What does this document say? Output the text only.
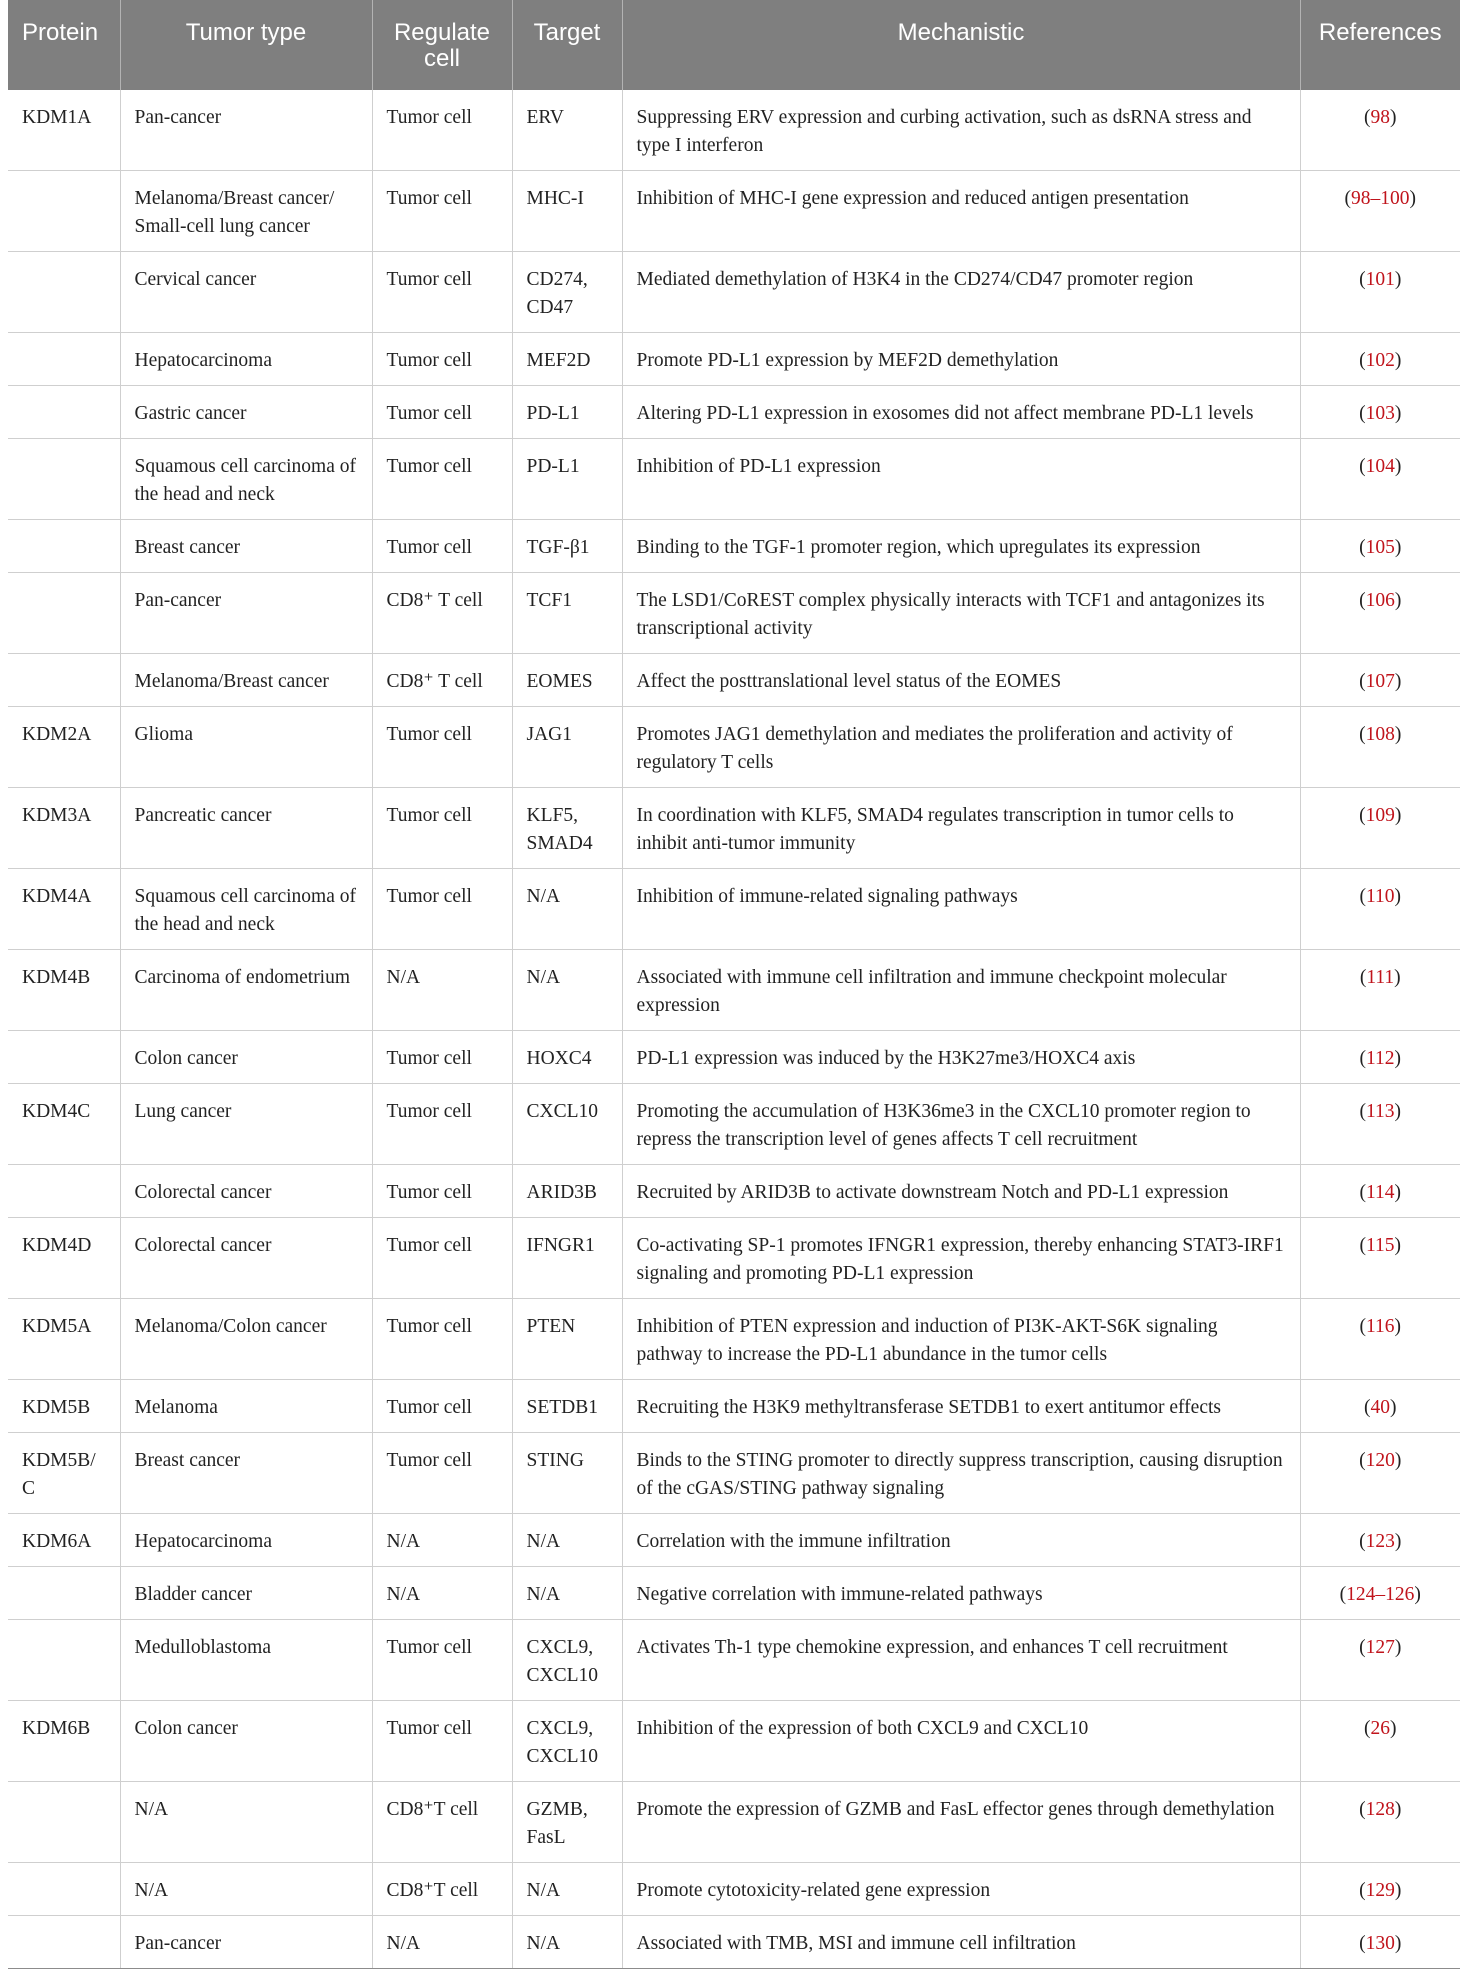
Protein	Tumor type	Regulate cell	Target	Mechanistic	References
KDM1A	Pan-cancer	Tumor cell	ERV	Suppressing ERV expression and curbing activation, such as dsRNA stress and type I interferon	(98)
	Melanoma/Breast cancer/ Small-cell lung cancer	Tumor cell	MHC-I	Inhibition of MHC-I gene expression and reduced antigen presentation	(98–100)
	Cervical cancer	Tumor cell	CD274, CD47	Mediated demethylation of H3K4 in the CD274/CD47 promoter region	(101)
	Hepatocarcinoma	Tumor cell	MEF2D	Promote PD-L1 expression by MEF2D demethylation	(102)
	Gastric cancer	Tumor cell	PD-L1	Altering PD-L1 expression in exosomes did not affect membrane PD-L1 levels	(103)
	Squamous cell carcinoma of the head and neck	Tumor cell	PD-L1	Inhibition of PD-L1 expression	(104)
	Breast cancer	Tumor cell	TGF-β1	Binding to the TGF-1 promoter region, which upregulates its expression	(105)
	Pan-cancer	CD8⁺ T cell	TCF1	The LSD1/CoREST complex physically interacts with TCF1 and antagonizes its transcriptional activity	(106)
	Melanoma/Breast cancer	CD8⁺ T cell	EOMES	Affect the posttranslational level status of the EOMES	(107)
KDM2A	Glioma	Tumor cell	JAG1	Promotes JAG1 demethylation and mediates the proliferation and activity of regulatory T cells	(108)
KDM3A	Pancreatic cancer	Tumor cell	KLF5, SMAD4	In coordination with KLF5, SMAD4 regulates transcription in tumor cells to inhibit anti-tumor immunity	(109)
KDM4A	Squamous cell carcinoma of the head and neck	Tumor cell	N/A	Inhibition of immune-related signaling pathways	(110)
KDM4B	Carcinoma of endometrium	N/A	N/A	Associated with immune cell infiltration and immune checkpoint molecular expression	(111)
	Colon cancer	Tumor cell	HOXC4	PD-L1 expression was induced by the H3K27me3/HOXC4 axis	(112)
KDM4C	Lung cancer	Tumor cell	CXCL10	Promoting the accumulation of H3K36me3 in the CXCL10 promoter region to repress the transcription level of genes affects T cell recruitment	(113)
	Colorectal cancer	Tumor cell	ARID3B	Recruited by ARID3B to activate downstream Notch and PD-L1 expression	(114)
KDM4D	Colorectal cancer	Tumor cell	IFNGR1	Co-activating SP-1 promotes IFNGR1 expression, thereby enhancing STAT3-IRF1 signaling and promoting PD-L1 expression	(115)
KDM5A	Melanoma/Colon cancer	Tumor cell	PTEN	Inhibition of PTEN expression and induction of PI3K-AKT-S6K signaling pathway to increase the PD-L1 abundance in the tumor cells	(116)
KDM5B	Melanoma	Tumor cell	SETDB1	Recruiting the H3K9 methyltransferase SETDB1 to exert antitumor effects	(40)
KDM5B/ C	Breast cancer	Tumor cell	STING	Binds to the STING promoter to directly suppress transcription, causing disruption of the cGAS/STING pathway signaling	(120)
KDM6A	Hepatocarcinoma	N/A	N/A	Correlation with the immune infiltration	(123)
	Bladder cancer	N/A	N/A	Negative correlation with immune-related pathways	(124–126)
	Medulloblastoma	Tumor cell	CXCL9, CXCL10	Activates Th-1 type chemokine expression, and enhances T cell recruitment	(127)
KDM6B	Colon cancer	Tumor cell	CXCL9, CXCL10	Inhibition of the expression of both CXCL9 and CXCL10	(26)
	N/A	CD8⁺T cell	GZMB, FasL	Promote the expression of GZMB and FasL effector genes through demethylation	(128)
	N/A	CD8⁺T cell	N/A	Promote cytotoxicity-related gene expression	(129)
	Pan-cancer	N/A	N/A	Associated with TMB, MSI and immune cell infiltration	(130)
